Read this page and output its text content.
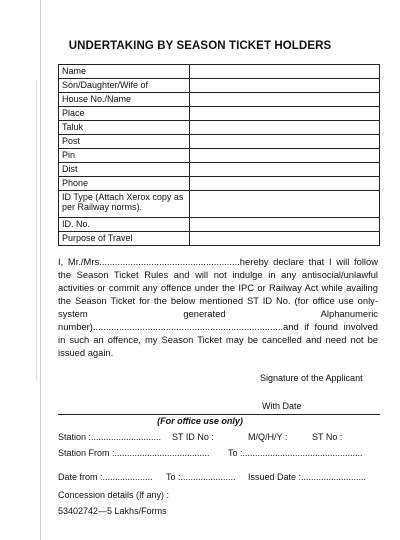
UNDERTAKING BY SEASON TICKET HOLDERS
Name	
Son/Daughter/Wife of	
House No./Name	
Place	
Taluk	
Post	
Pin	
Dist	
Phone	
ID Type (Attach Xerox copy as per Railway norms).	
ID. No.	
Purpose of Travel	
I, Mr./Mrs......................................................hereby declare that I will follow the Season Ticket Rules and will not indulge in any antisocial/unlawful activities or commit any offence under the IPC or Railway Act while availing the Season Ticket for the below mentioned ST ID No. (for office use only-system generated Alphanumeric number).........................................................................and if found involved in such an offence, my Season Ticket may be cancelled and need not be issued again.
Signature of the Applicant
With Date
(For office use only)
Station :............................ ST ID No :	M/Q/H/Y :	ST No :
Station From :...................................... To :................................................
Date from :.................... To :...................... Issued Date :..........................
Concession details (If any) :
53402742—5 Lakhs/Forms
